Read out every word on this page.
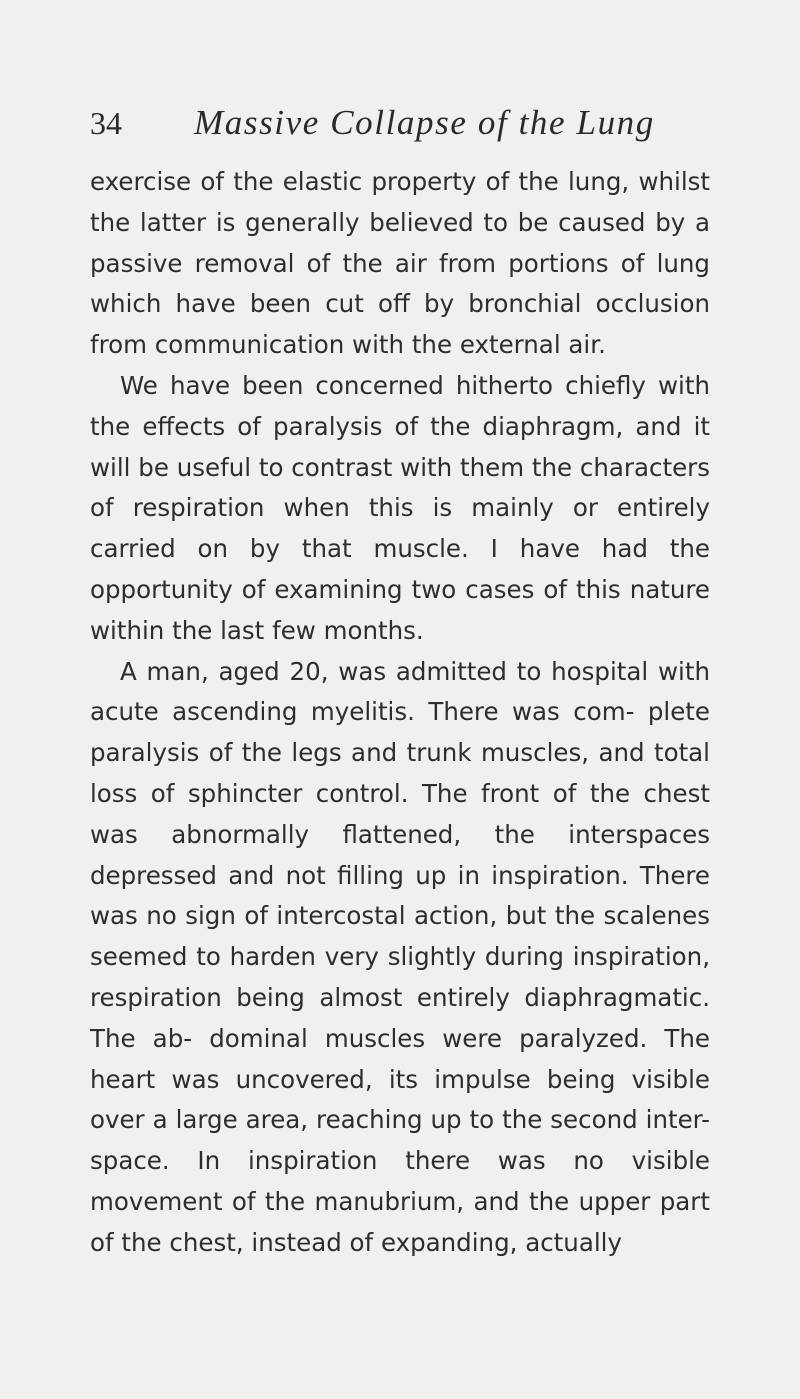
34 Massive Collapse of the Lung

exercise of the elastic property of the lung, whilst the latter is generally believed to be caused by a passive removal of the air from portions of lung which have been cut off by bronchial occlusion from communication with the external air.

We have been concerned hitherto chiefly with the effects of paralysis of the diaphragm, and it will be useful to contrast with them the characters of respiration when this is mainly or entirely carried on by that muscle. I have had the opportunity of examining two cases of this nature within the last few months.

A man, aged 20, was admitted to hospital with acute ascending myelitis. There was com- plete paralysis of the legs and trunk muscles, and total loss of sphincter control. The front of the chest was abnormally flattened, the interspaces depressed and not filling up in inspiration. There was no sign of intercostal action, but the scalenes seemed to harden very slightly during inspiration, respiration being almost entirely diaphragmatic. The ab- dominal muscles were paralyzed. The heart was uncovered, its impulse being visible over a large area, reaching up to the second inter- space. In inspiration there was no visible movement of the manubrium, and the upper part of the chest, instead of expanding, actually
